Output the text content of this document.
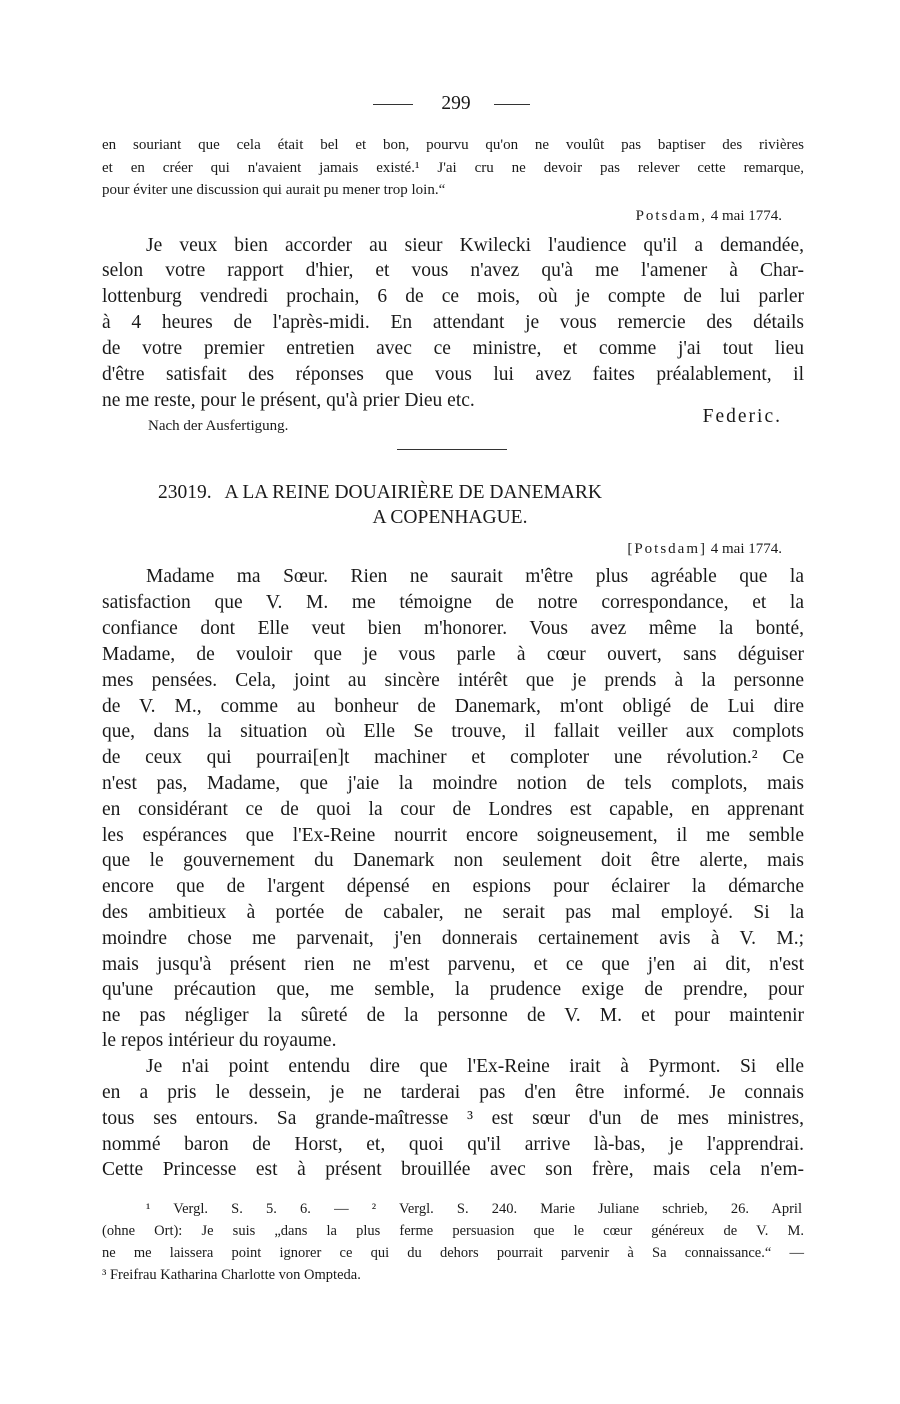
299
en souriant que cela était bel et bon, pourvu qu'on ne voulût pas baptiser des rivières
et en créer qui n'avaient jamais existé.¹ J'ai cru ne devoir pas relever cette remarque,
pour éviter une discussion qui aurait pu mener trop loin.“
Potsdam, 4 mai 1774.
Je veux bien accorder au sieur Kwilecki l'audience qu'il a demandée,
selon votre rapport d'hier, et vous n'avez qu'à me l'amener à Char-
lottenburg vendredi prochain, 6 de ce mois, où je compte de lui parler
à 4 heures de l'après-midi. En attendant je vous remercie des détails
de votre premier entretien avec ce ministre, et comme j'ai tout lieu
d'être satisfait des réponses que vous lui avez faites préalablement, il
ne me reste, pour le présent, qu'à prier Dieu etc.
Federic.
Nach der Ausfertigung.
23019. A LA REINE DOUAIRIÈRE DE DANEMARK
A COPENHAGUE.
[Potsdam] 4 mai 1774.
Madame ma Sœur. Rien ne saurait m'être plus agréable que la
satisfaction que V. M. me témoigne de notre correspondance, et la
confiance dont Elle veut bien m'honorer. Vous avez même la bonté,
Madame, de vouloir que je vous parle à cœur ouvert, sans déguiser
mes pensées. Cela, joint au sincère intérêt que je prends à la personne
de V. M., comme au bonheur de Danemark, m'ont obligé de Lui dire
que, dans la situation où Elle Se trouve, il fallait veiller aux complots
de ceux qui pourrai[en]t machiner et comploter une révolution.² Ce
n'est pas, Madame, que j'aie la moindre notion de tels complots, mais
en considérant ce de quoi la cour de Londres est capable, en apprenant
les espérances que l'Ex-Reine nourrit encore soigneusement, il me semble
que le gouvernement du Danemark non seulement doit être alerte, mais
encore que de l'argent dépensé en espions pour éclairer la démarche
des ambitieux à portée de cabaler, ne serait pas mal employé. Si la
moindre chose me parvenait, j'en donnerais certainement avis à V. M.;
mais jusqu'à présent rien ne m'est parvenu, et ce que j'en ai dit, n'est
qu'une précaution que, me semble, la prudence exige de prendre, pour
ne pas négliger la sûreté de la personne de V. M. et pour maintenir
le repos intérieur du royaume.
Je n'ai point entendu dire que l'Ex-Reine irait à Pyrmont. Si elle
en a pris le dessein, je ne tarderai pas d'en être informé. Je connais
tous ses entours. Sa grande-maîtresse ³ est sœur d'un de mes ministres,
nommé baron de Horst, et, quoi qu'il arrive là-bas, je l'apprendrai.
Cette Princesse est à présent brouillée avec son frère, mais cela n'em-
¹ Vergl. S. 5. 6. — ² Vergl. S. 240. Marie Juliane schrieb, 26. April
(ohne Ort): Je suis „dans la plus ferme persuasion que le cœur généreux de V. M.
ne me laissera point ignorer ce qui du dehors pourrait parvenir à Sa connaissance.“ —
³ Freifrau Katharina Charlotte von Ompteda.
